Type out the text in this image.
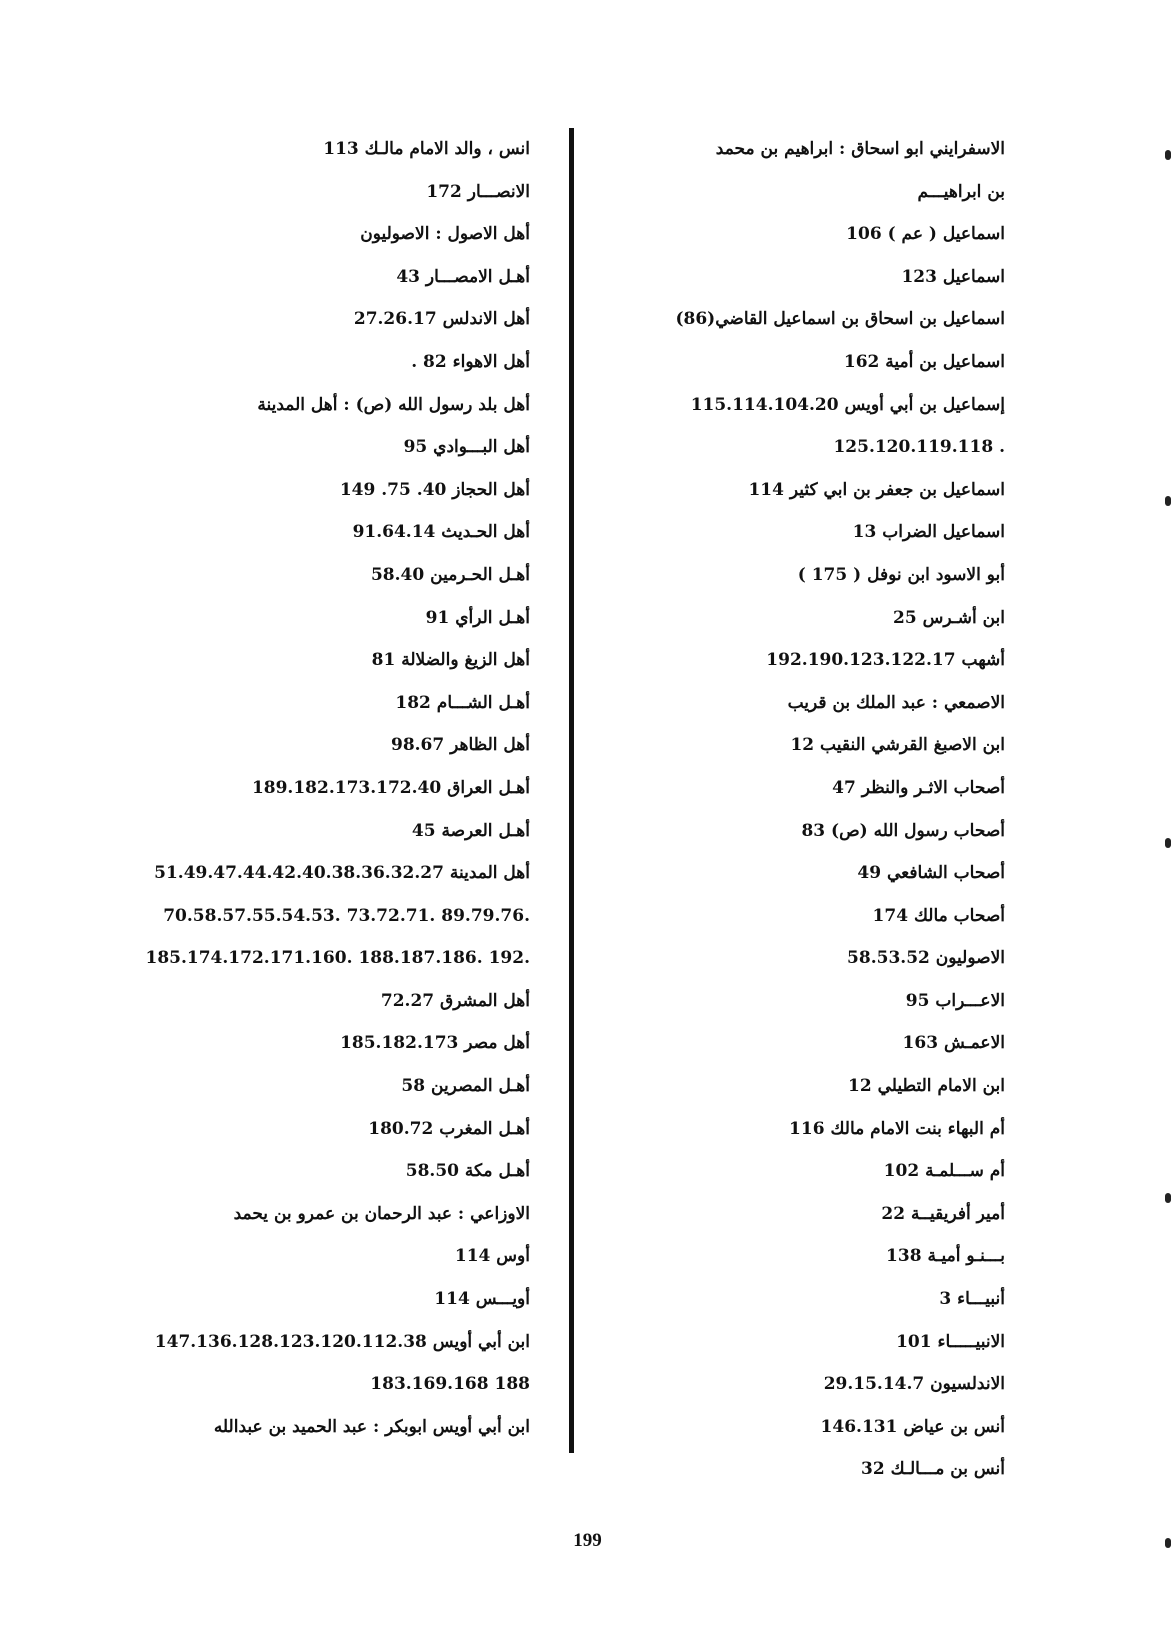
الاسفرايني ابو اسحاق : ابراهيم بن محمد
بن ابراهيـــم
اسماعيل ( عم ) 106
اسماعيل 123
اسماعيل بن اسحاق بن اسماعيل القاضي(86)
اسماعيل بن أمية 162
إسماعيل بن أبي أويس 115.114.104.20
. 125.120.119.118
اسماعيل بن جعفر بن ابي كثير 114
اسماعيل الضراب 13
أبو الاسود ابن نوفل ( 175 )
ابن أشـرس 25
أشهب 192.190.123.122.17
الاصمعي : عبد الملك بن قريب
ابن الاصبغ القرشي النقيب 12
أصحاب الاثـر والنظر 47
أصحاب رسول الله (ص) 83
أصحاب الشافعي 49
أصحاب مالك 174
الاصوليون 58.53.52
الاعـــراب 95
الاعمـش 163
ابن الامام التطيلي 12
أم البهاء بنت الامام مالك 116
أم ســـلمـة 102
أمير أفريقيــة 22
بـــنـو أميـة 138
أنبيـــاء 3
الانبيـــــاء 101
الاندلسيون 29.15.14.7
أنس بن عياض 146.131
أنس بن مـــالـك 32
انس ، والد الامام مالـك 113
الانصـــار 172
أهل الاصول : الاصوليون
أهـل الامصـــار 43
أهل الاندلس 27.26.17
أهل الاهواء 82 .
أهل بلد رسول الله (ص) : أهل المدينة
أهل البـــوادي 95
أهل الحجاز 40. 75. 149
أهل الحـديث 91.64.14
أهـل الحـرمين 58.40
أهـل الرأي 91
أهل الزيغ والضلالة 81
أهـل الشـــام 182
أهل الظاهر 98.67
أهـل العراق 189.182.173.172.40
أهـل العرصة 45
أهل المدينة 51.49.47.44.42.40.38.36.32.27
.89.79.76 .73.72.71 .70.58.57.55.54.53
.192 .188.187.186 .185.174.172.171.160
أهل المشرق 72.27
أهل مصر 185.182.173
أهـل المصرين 58
أهـل المغرب 180.72
أهـل مكة 58.50
الاوزاعي : عبد الرحمان بن عمرو بن يحمد
أوس 114
أويـــس 114
ابن أبي أويس 147.136.128.123.120.112.38
188 183.169.168
ابن أبي أويس ابوبكر : عبد الحميد بن عبدالله
199
